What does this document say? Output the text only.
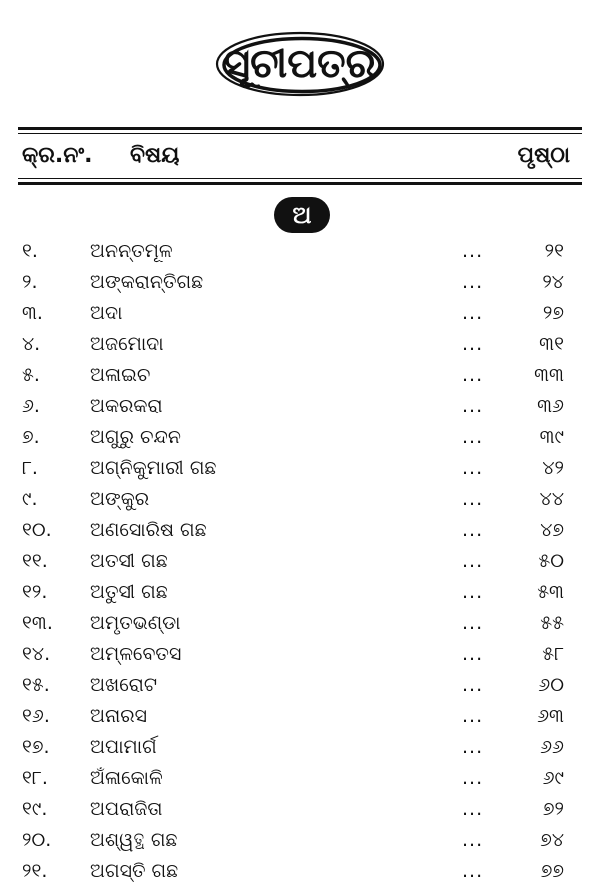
ସୂଚୀପତ୍ର
କ୍ର.ନଂ. ବିଷୟ	ପୃଷ୍ଠା
ଅ
୧.	ଅନନ୍ତମୂଳ	...	୨୧
୨.	ଅଙ୍କରାନ୍ତିଗଛ	...	୨୪
୩. ଅଦା	...	୨୭
୪.	ଅଜମୋଦା	...	୩୧
୫.	ଅଳାଇଚ	...	୩୩
୬.	ଅକରକରା	...	୩୬
୭.	ଅଗୁରୁ ଚନ୍ଦନ	...	୩୯
୮.	ଅଗ୍ନିକୁମାରୀ ଗଛ	...	୪୨
୯.	ଅଙ୍କୁର	...	୪୪
୧୦. ଅଣସୋରିଷ ଗଛ	...	୪୭
୧୧. ଅତସୀ ଗଛ	...	୫୦
୧୨. ଅତୁସୀ ଗଛ	...	୫୩
୧୩. ଅମୃତଭଣ୍ଡା	...	୫୫
୧୪. ଅମ୍ଳବେତସ	...	୫୮
୧୫. ଅଖରୋଟ	...	୬୦
୧୬. ଅନାରସ	...	୬୩
୧୭. ଅପାମାର୍ଗ	...	୬୬
୧୮. ଅଁଳାକୋଳି	...	୬୯
୧୯. ଅପରାଜିତା	...	୭୨
୨୦. ଅଶ୍ୱତ୍ଥ ଗଛ	...	୭୪
୨୧. ଅଗସ୍ତି ଗଛ	...	୭୭
